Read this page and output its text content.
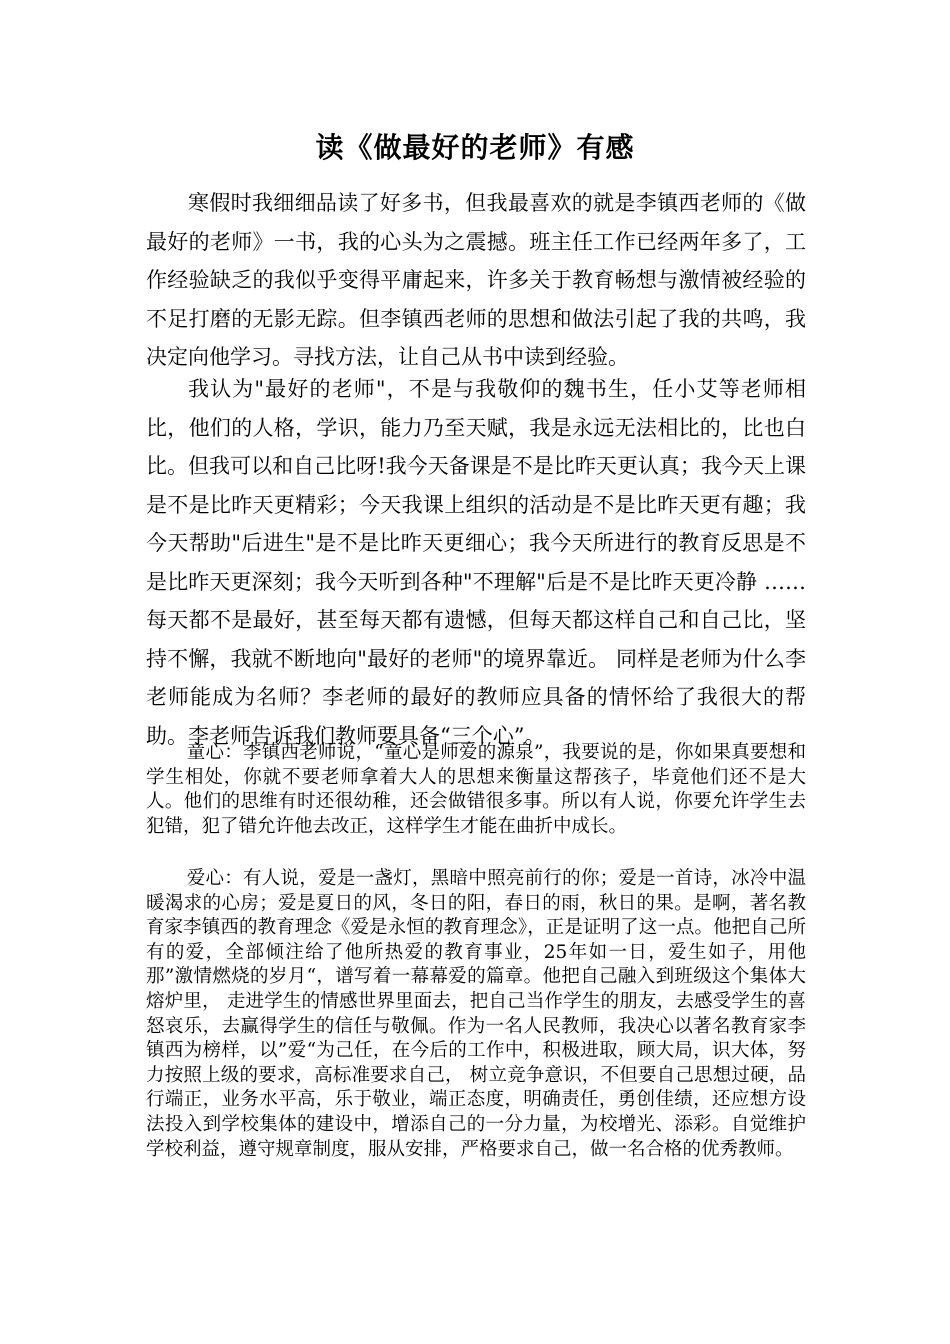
读《做最好的老师》有感

寒假时我细细品读了好多书，但我最喜欢的就是李镇西老师的《做最好的老师》一书，我的心头为之震撼。班主任工作已经两年多了，工作经验缺乏的我似乎变得平庸起来，许多关于教育畅想与激情被经验的不足打磨的无影无踪。但李镇西老师的思想和做法引起了我的共鸣，我决定向他学习。寻找方法，让自己从书中读到经验。

我认为"最好的老师"，不是与我敬仰的魏书生，任小艾等老师相比，他们的人格，学识，能力乃至天赋，我是永远无法相比的，比也白比。但我可以和自己比呀!我今天备课是不是比昨天更认真；我今天上课是不是比昨天更精彩；今天我课上组织的活动是不是比昨天更有趣；我今天帮助"后进生"是不是比昨天更细心；我今天所进行的教育反思是不是比昨天更深刻；我今天听到各种"不理解"后是不是比昨天更冷静 ……每天都不是最好，甚至每天都有遗憾，但每天都这样自己和自己比，坚持不懈，我就不断地向"最好的老师"的境界靠近。 同样是老师为什么李老师能成为名师？李老师的最好的教师应具备的情怀给了我很大的帮助。李老师告诉我们教师要具备“三个心”。

童心：李镇西老师说，“童心是师爱的源泉”，我要说的是，你如果真要想和学生相处，你就不要老师拿着大人的思想来衡量这帮孩子，毕竟他们还不是大人。他们的思维有时还很幼稚，还会做错很多事。所以有人说，你要允许学生去犯错，犯了错允许他去改正，这样学生才能在曲折中成长。

爱心：有人说，爱是一盏灯，黑暗中照亮前行的你；爱是一首诗，冰冷中温暖渴求的心房；爱是夏日的风，冬日的阳，春日的雨，秋日的果。是啊，著名教育家李镇西的教育理念《爱是永恒的教育理念》，正是证明了这一点。他把自己所有的爱，全部倾注给了他所热爱的教育事业，25年如一日，爱生如子，用他那”激情燃烧的岁月“，谱写着一幕幕爱的篇章。他把自己融入到班级这个集体大熔炉里， 走进学生的情感世界里面去，把自己当作学生的朋友，去感受学生的喜怒哀乐，去赢得学生的信任与敬佩。作为一名人民教师，我决心以著名教育家李镇西为榜样，以”爱“为己任，在今后的工作中，积极进取，顾大局，识大体，努力按照上级的要求，高标准要求自己， 树立竞争意识，不但要自己思想过硬，品行端正，业务水平高，乐于敬业，端正态度，明确责任，勇创佳绩，还应想方设法投入到学校集体的建设中，增添自己的一分力量，为校增光、添彩。自觉维护学校利益，遵守规章制度，服从安排，严格要求自己，做一名合格的优秀教师。
